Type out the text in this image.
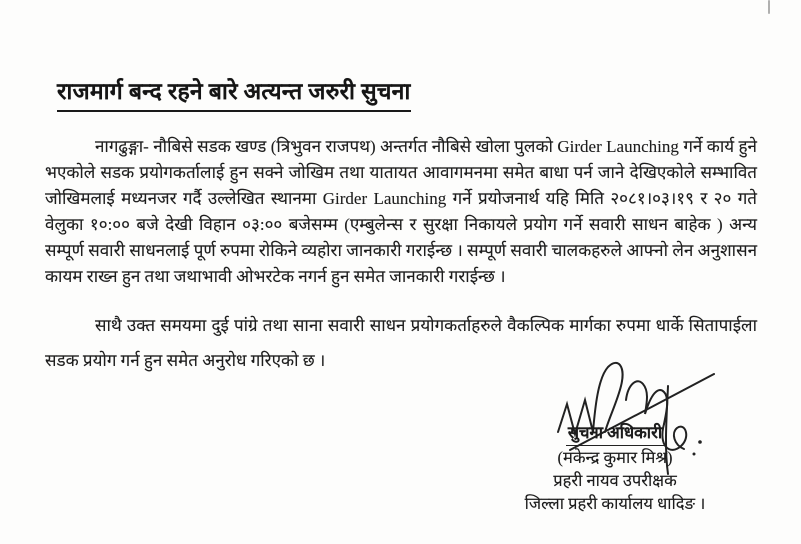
राजमार्ग बन्द रहने बारे अत्यन्त जरुरी सुचना

नागढुङ्गा- नौबिसे सडक खण्ड (त्रिभुवन राजपथ) अन्तर्गत नौबिसे खोला पुलको Girder Launching गर्ने कार्य हुने भएकोले सडक प्रयोगकर्तालाई हुन सक्ने जोखिम तथा यातायत आवागमनमा समेत बाधा पर्न जाने देखिएकोले सम्भावित जोखिमलाई मध्यनजर गर्दै उल्लेखित स्थानमा Girder Launching गर्ने प्रयोजनार्थ यहि मिति २०८१।०३।१९ र २० गते वेलुका १०:०० बजे देखी विहान ०३:०० बजेसम्म (एम्बुलेन्स र सुरक्षा निकायले प्रयोग गर्ने सवारी साधन बाहेक ) अन्य सम्पूर्ण सवारी साधनलाई पूर्ण रुपमा रोकिने व्यहोरा जानकारी गराईन्छ । सम्पूर्ण सवारी चालकहरुले आफ्नो लेन अनुशासन कायम राख्न हुन तथा जथाभावी ओभरटेक नगर्न हुन समेत जानकारी गराईन्छ ।

साथै उक्त समयमा दुई पांग्रे तथा साना सवारी साधन प्रयोगकर्ताहरुले वैकल्पिक मार्गका रुपमा धार्के सितापाईला सडक प्रयोग गर्न हुन समेत अनुरोध गरिएको छ ।

सुचना अधिकारी
(मकेन्द्र कुमार मिश्र)
प्रहरी नायव उपरीक्षक
जिल्ला प्रहरी कार्यालय धादिङ ।
